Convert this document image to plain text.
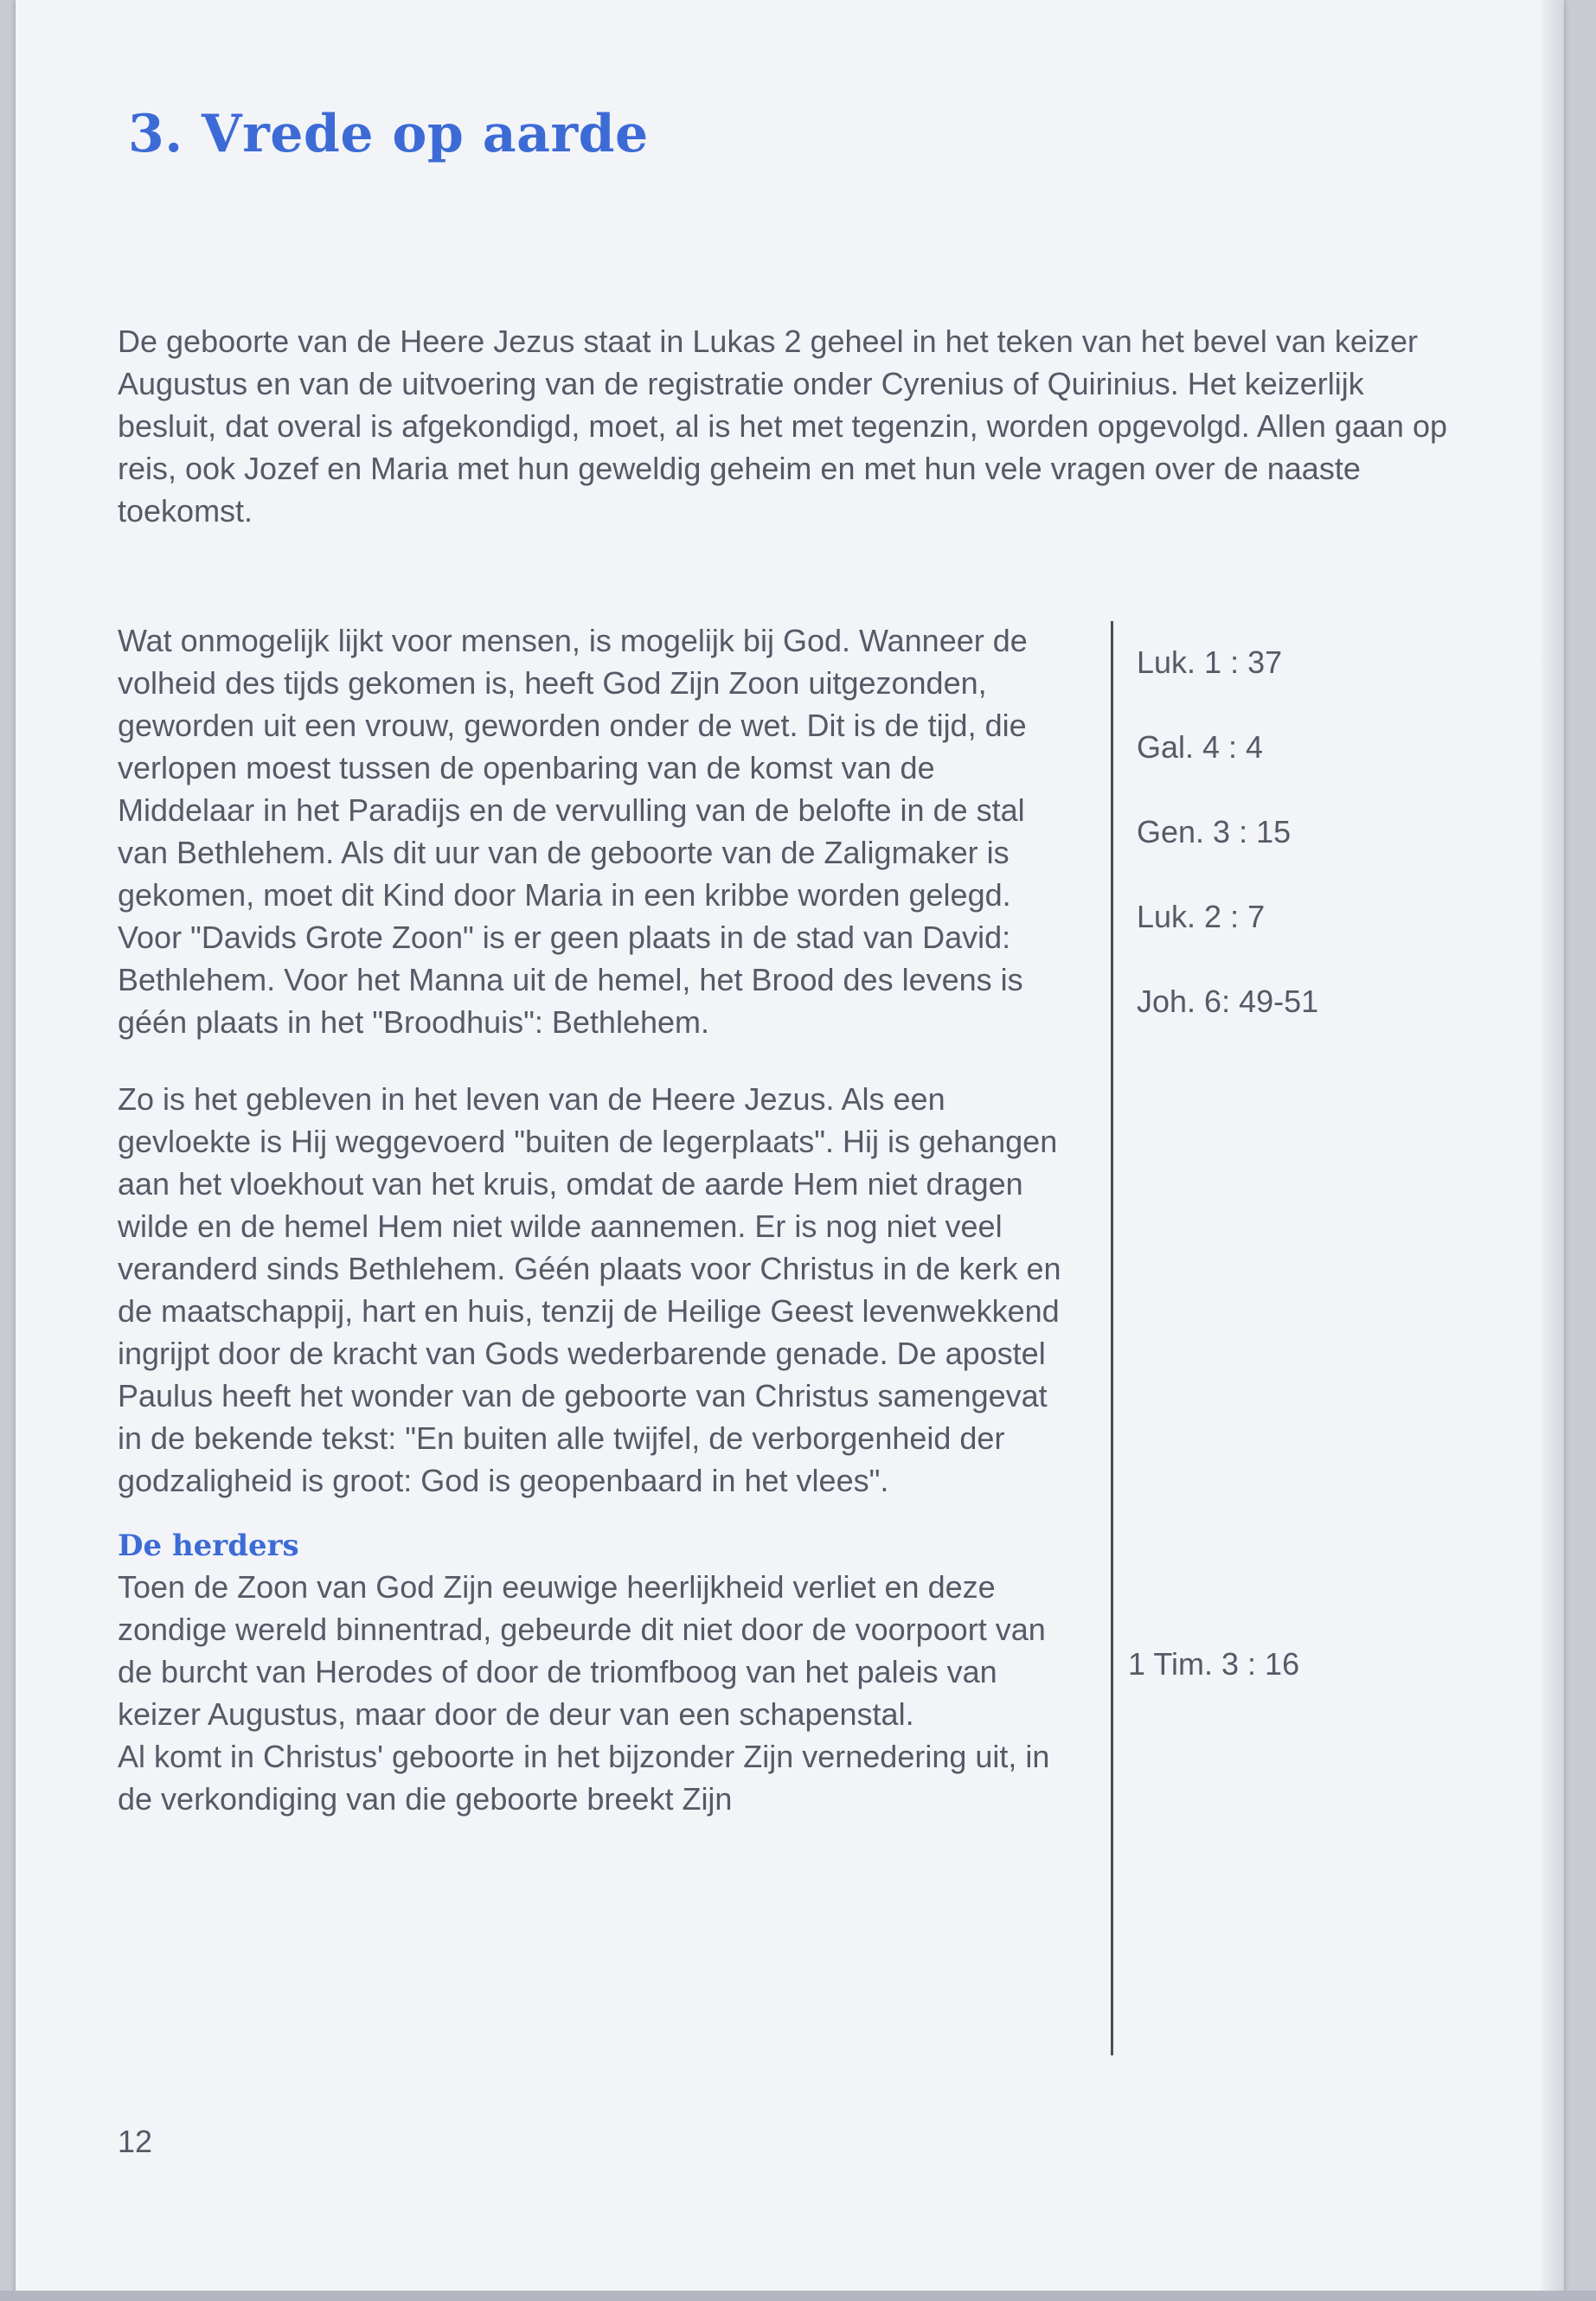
3. Vrede op aarde

De geboorte van de Heere Jezus staat in Lukas 2 geheel in het teken van het bevel van keizer Augustus en van de uitvoering van de registratie onder Cyrenius of Quirinius. Het keizerlijk besluit, dat overal is afgekondigd, moet, al is het met tegenzin, worden opgevolgd. Allen gaan op reis, ook Jozef en Maria met hun geweldig geheim en met hun vele vragen over de naaste toekomst.

Wat onmogelijk lijkt voor mensen, is mogelijk bij God. Wanneer de volheid des tijds gekomen is, heeft God Zijn Zoon uitgezonden, geworden uit een vrouw, geworden onder de wet. Dit is de tijd, die verlopen moest tussen de openbaring van de komst van de Middelaar in het Paradijs en de vervulling van de belofte in de stal van Bethlehem. Als dit uur van de geboorte van de Zaligmaker is gekomen, moet dit Kind door Maria in een kribbe worden gelegd. Voor "Davids Grote Zoon" is er geen plaats in de stad van David: Bethlehem. Voor het Manna uit de hemel, het Brood des levens is géén plaats in het "Broodhuis": Bethlehem.

Zo is het gebleven in het leven van de Heere Jezus. Als een gevloekte is Hij weggevoerd "buiten de legerplaats". Hij is gehangen aan het vloekhout van het kruis, omdat de aarde Hem niet dragen wilde en de hemel Hem niet wilde aannemen. Er is nog niet veel veranderd sinds Bethlehem. Géén plaats voor Christus in de kerk en de maatschappij, hart en huis, tenzij de Heilige Geest levenwekkend ingrijpt door de kracht van Gods wederbarende genade. De apostel Paulus heeft het wonder van de geboorte van Christus samengevat in de bekende tekst: "En buiten alle twijfel, de verborgenheid der godzaligheid is groot: God is geopenbaard in het vlees".

De herders

Toen de Zoon van God Zijn eeuwige heerlijkheid verliet en deze zondige wereld binnentrad, gebeurde dit niet door de voorpoort van de burcht van Herodes of door de triomfboog van het paleis van keizer Augustus, maar door de deur van een schapenstal.

Al komt in Christus' geboorte in het bijzonder Zijn vernedering uit, in de verkondiging van die geboorte breekt Zijn

Luk. 1 : 37
Gal. 4 : 4
Gen. 3 : 15
Luk. 2 : 7
Joh. 6: 49-51
1 Tim. 3 : 16
12
